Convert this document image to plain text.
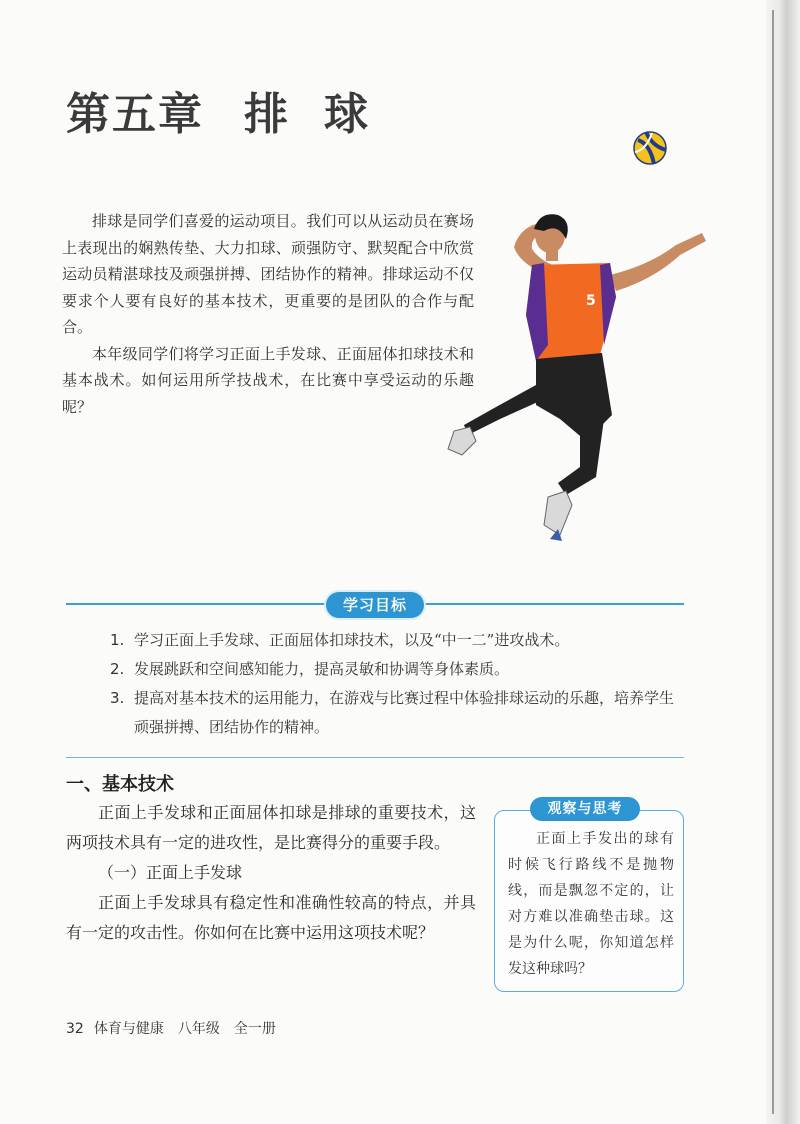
第五章 排 球

排球是同学们喜爱的运动项目。我们可以从运动员在赛场上表现出的娴熟传垫、大力扣球、顽强防守、默契配合中欣赏运动员精湛球技及顽强拼搏、团结协作的精神。排球运动不仅要求个人要有良好的基本技术，更重要的是团队的合作与配合。

本年级同学们将学习正面上手发球、正面屈体扣球技术和基本战术。如何运用所学技战术，在比赛中享受运动的乐趣呢？

5
学习目标
1. 学习正面上手发球、正面屈体扣球技术，以及“中一二”进攻战术。
2. 发展跳跃和空间感知能力，提高灵敏和协调等身体素质。
3. 提高对基本技术的运用能力，在游戏与比赛过程中体验排球运动的乐趣，培养学生顽强拼搏、团结协作的精神。
一、基本技术

正面上手发球和正面屈体扣球是排球的重要技术，这两项技术具有一定的进攻性，是比赛得分的重要手段。

（一）正面上手发球

正面上手发球具有稳定性和准确性较高的特点，并具有一定的攻击性。你如何在比赛中运用这项技术呢？

观察与思考
正面上手发出的球有时候飞行路线不是抛物线，而是飘忽不定的，让对方难以准确垫击球。这是为什么呢，你知道怎样发这种球吗？
32 体育与健康　八年级　全一册
